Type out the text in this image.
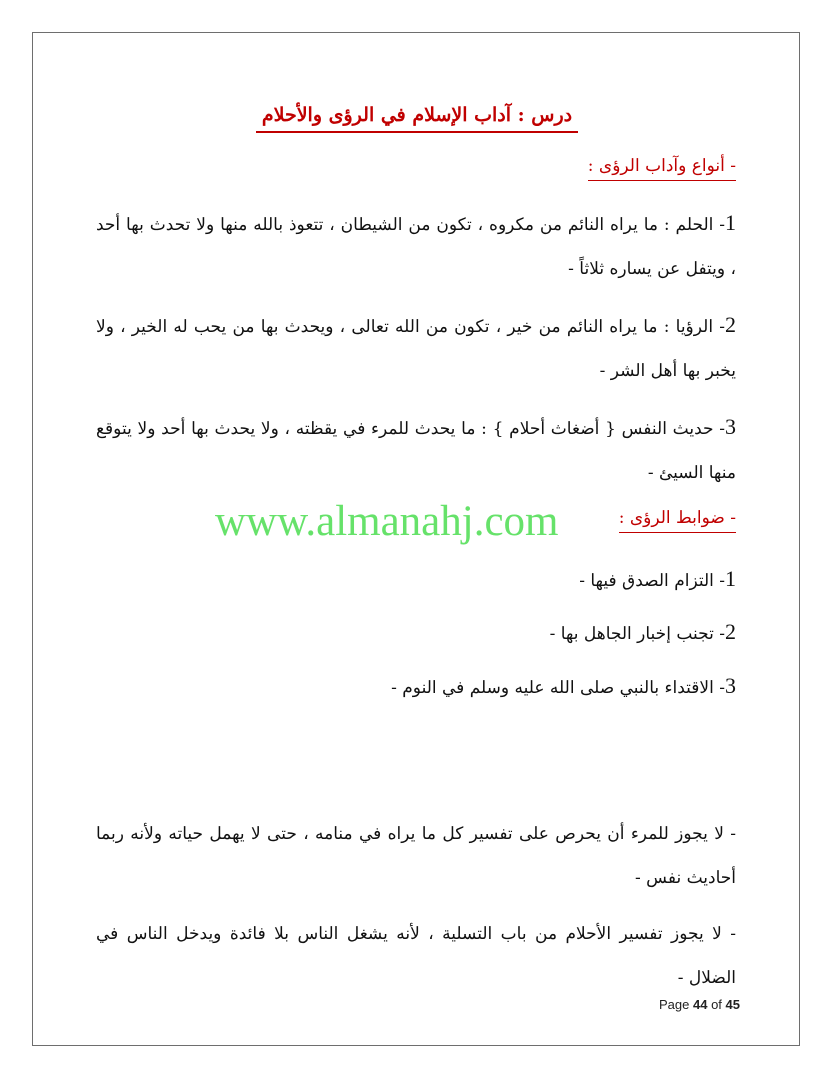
درس : آداب الإسلام في الرؤى والأحلام
- أنواع وآداب الرؤى :
1- الحلم : ما يراه النائم من مكروه ، تكون من الشيطان ، تتعوذ بالله منها ولا تحدث بها أحد ، ويتفل عن يساره ثلاثاً -
2- الرؤيا : ما يراه النائم من خير ، تكون من الله تعالى ، ويحدث بها من يحب له الخير ، ولا يخبر بها أهل الشر -
3- حديث النفس { أضغاث أحلام } : ما يحدث للمرء في يقظته ، ولا يحدث بها أحد ولا يتوقع منها السيئ -
www.almanahj.com	- ضوابط الرؤى :
1- التزام الصدق فيها -
2- تجنب إخبار الجاهل بها -
3- الاقتداء بالنبي صلى الله عليه وسلم في النوم -
- لا يجوز للمرء أن يحرص على تفسير كل ما يراه في منامه ، حتى لا يهمل حياته ولأنه ربما أحاديث نفس -
- لا يجوز تفسير الأحلام من باب التسلية ، لأنه يشغل الناس بلا فائدة ويدخل الناس في الضلال -
Page 44 of 45
